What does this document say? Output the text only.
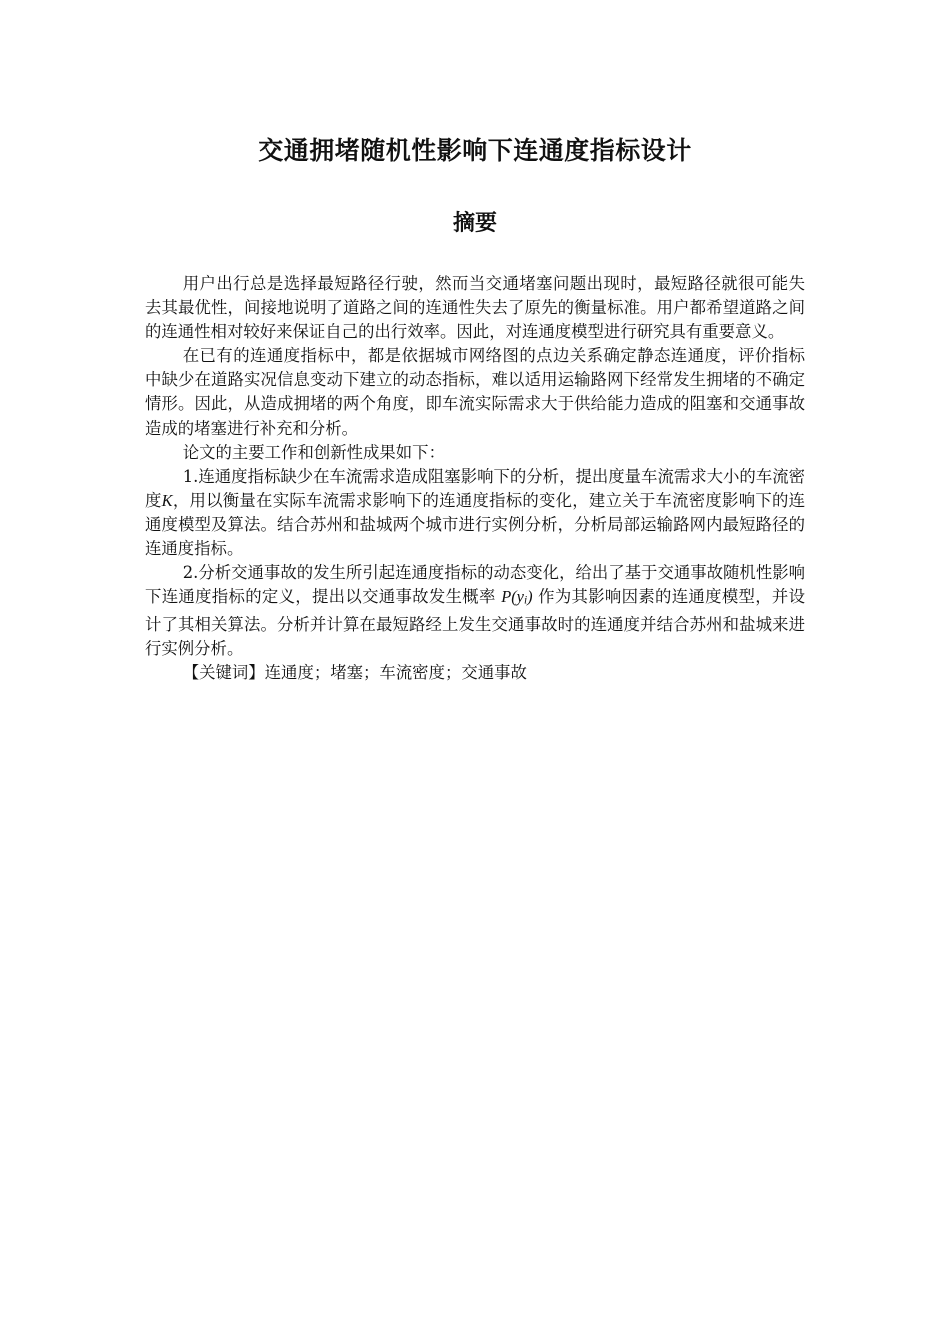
交通拥堵随机性影响下连通度指标设计
摘要

用户出行总是选择最短路径行驶，然而当交通堵塞问题出现时，最短路径就很可能失去其最优性，间接地说明了道路之间的连通性失去了原先的衡量标准。用户都希望道路之间的连通性相对较好来保证自己的出行效率。因此，对连通度模型进行研究具有重要意义。

在已有的连通度指标中，都是依据城市网络图的点边关系确定静态连通度，评价指标中缺少在道路实况信息变动下建立的动态指标，难以适用运输路网下经常发生拥堵的不确定情形。因此，从造成拥堵的两个角度，即车流实际需求大于供给能力造成的阻塞和交通事故造成的堵塞进行补充和分析。

论文的主要工作和创新性成果如下：

1.连通度指标缺少在车流需求造成阻塞影响下的分析，提出度量车流需求大小的车流密度K，用以衡量在实际车流需求影响下的连通度指标的变化，建立关于车流密度影响下的连通度模型及算法。结合苏州和盐城两个城市进行实例分析，分析局部运输路网内最短路径的连通度指标。

2.分析交通事故的发生所引起连通度指标的动态变化，给出了基于交通事故随机性影响下连通度指标的定义，提出以交通事故发生概率 P(yi) 作为其影响因素的连通度模型，并设计了其相关算法。分析并计算在最短路经上发生交通事故时的连通度并结合苏州和盐城来进行实例分析。

【关键词】连通度；堵塞；车流密度；交通事故
